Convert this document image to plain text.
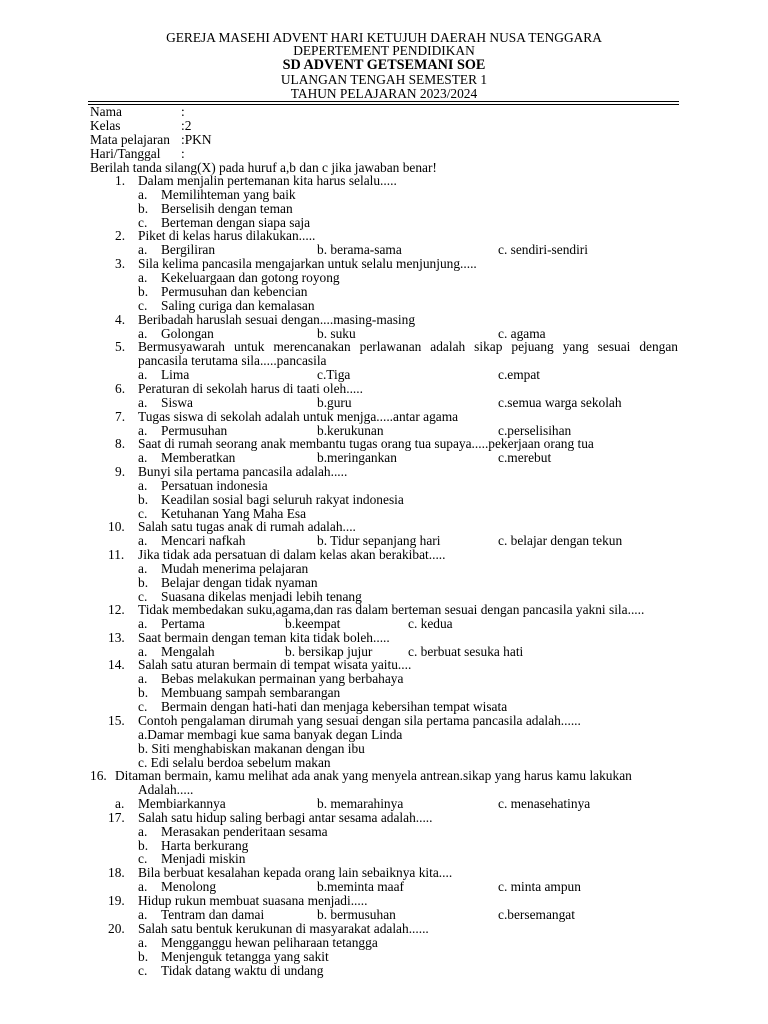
GEREJA MASEHI ADVENT HARI KETUJUH DAERAH NUSA TENGGARA
DEPERTEMENT PENDIDIKAN
SD ADVENT GETSEMANI SOE
ULANGAN TENGAH SEMESTER 1
TAHUN PELAJARAN 2023/2024
Nama	:
Kelas	:2
Mata pelajaran :PKN
Hari/Tanggal :
Berilah tanda silang(X) pada huruf a,b dan c jika jawaban benar!
1. Dalam menjalin pertemanan kita harus selalu.....
a. Memilihteman yang baik
b. Berselisih dengan teman
c. Berteman dengan siapa saja
2. Piket di kelas harus dilakukan.....
a. Bergiliran	b. berama-sama	c. sendiri-sendiri
3. Sila kelima pancasila mengajarkan untuk selalu menjunjung.....
a. Kekeluargaan dan gotong royong
b. Permusuhan dan kebencian
c. Saling curiga dan kemalasan
4. Beribadah haruslah sesuai dengan....masing-masing
a. Golongan	b. suku	c. agama
5. Bermusyawarah untuk merencanakan perlawanan adalah sikap pejuang yang sesuai dengan
pancasila terutama sila.....pancasila
a. Lima	c.Tiga	c.empat
6. Peraturan di sekolah harus di taati oleh.....
a. Siswa	b.guru	c.semua warga sekolah
7. Tugas siswa di sekolah adalah untuk menjga.....antar agama
a. Permusuhan	b.kerukunan	c.perselisihan
8. Saat di rumah seorang anak membantu tugas orang tua supaya.....pekerjaan orang tua
a. Memberatkan	b.meringankan	c.merebut
9. Bunyi sila pertama pancasila adalah.....
a. Persatuan indonesia
b. Keadilan sosial bagi seluruh rakyat indonesia
c. Ketuhanan Yang Maha Esa
10. Salah satu tugas anak di rumah adalah....
a. Mencari nafkah	b. Tidur sepanjang hari	c. belajar dengan tekun
11. Jika tidak ada persatuan di dalam kelas akan berakibat.....
a. Mudah menerima pelajaran
b. Belajar dengan tidak nyaman
c. Suasana dikelas menjadi lebih tenang
12. Tidak membedakan suku,agama,dan ras dalam berteman sesuai dengan pancasila yakni sila.....
a. Pertama	b.keempat	c. kedua
13. Saat bermain dengan teman kita tidak boleh.....
a. Mengalah	b. bersikap jujur	c. berbuat sesuka hati
14. Salah satu aturan bermain di tempat wisata yaitu....
a. Bebas melakukan permainan yang berbahaya
b. Membuang sampah sembarangan
c. Bermain dengan hati-hati dan menjaga kebersihan tempat wisata
15. Contoh pengalaman dirumah yang sesuai dengan sila pertama pancasila adalah......
a.Damar membagi kue sama banyak degan Linda
b. Siti menghabiskan makanan dengan ibu
c. Edi selalu berdoa sebelum makan
16. Ditaman bermain, kamu melihat ada anak yang menyela antrean.sikap yang harus kamu lakukan
Adalah.....
a. Membiarkannya	b. memarahinya	c. menasehatinya
17. Salah satu hidup saling berbagi antar sesama adalah.....
a. Merasakan penderitaan sesama
b. Harta berkurang
c. Menjadi miskin
18. Bila berbuat kesalahan kepada orang lain sebaiknya kita....
a. Menolong	b.meminta maaf	c. minta ampun
19. Hidup rukun membuat suasana menjadi.....
a. Tentram dan damai	b. bermusuhan	c.bersemangat
20. Salah satu bentuk kerukunan di masyarakat adalah......
a. Mengganggu hewan peliharaan tetangga
b. Menjenguk tetangga yang sakit
c. Tidak datang waktu di undang
